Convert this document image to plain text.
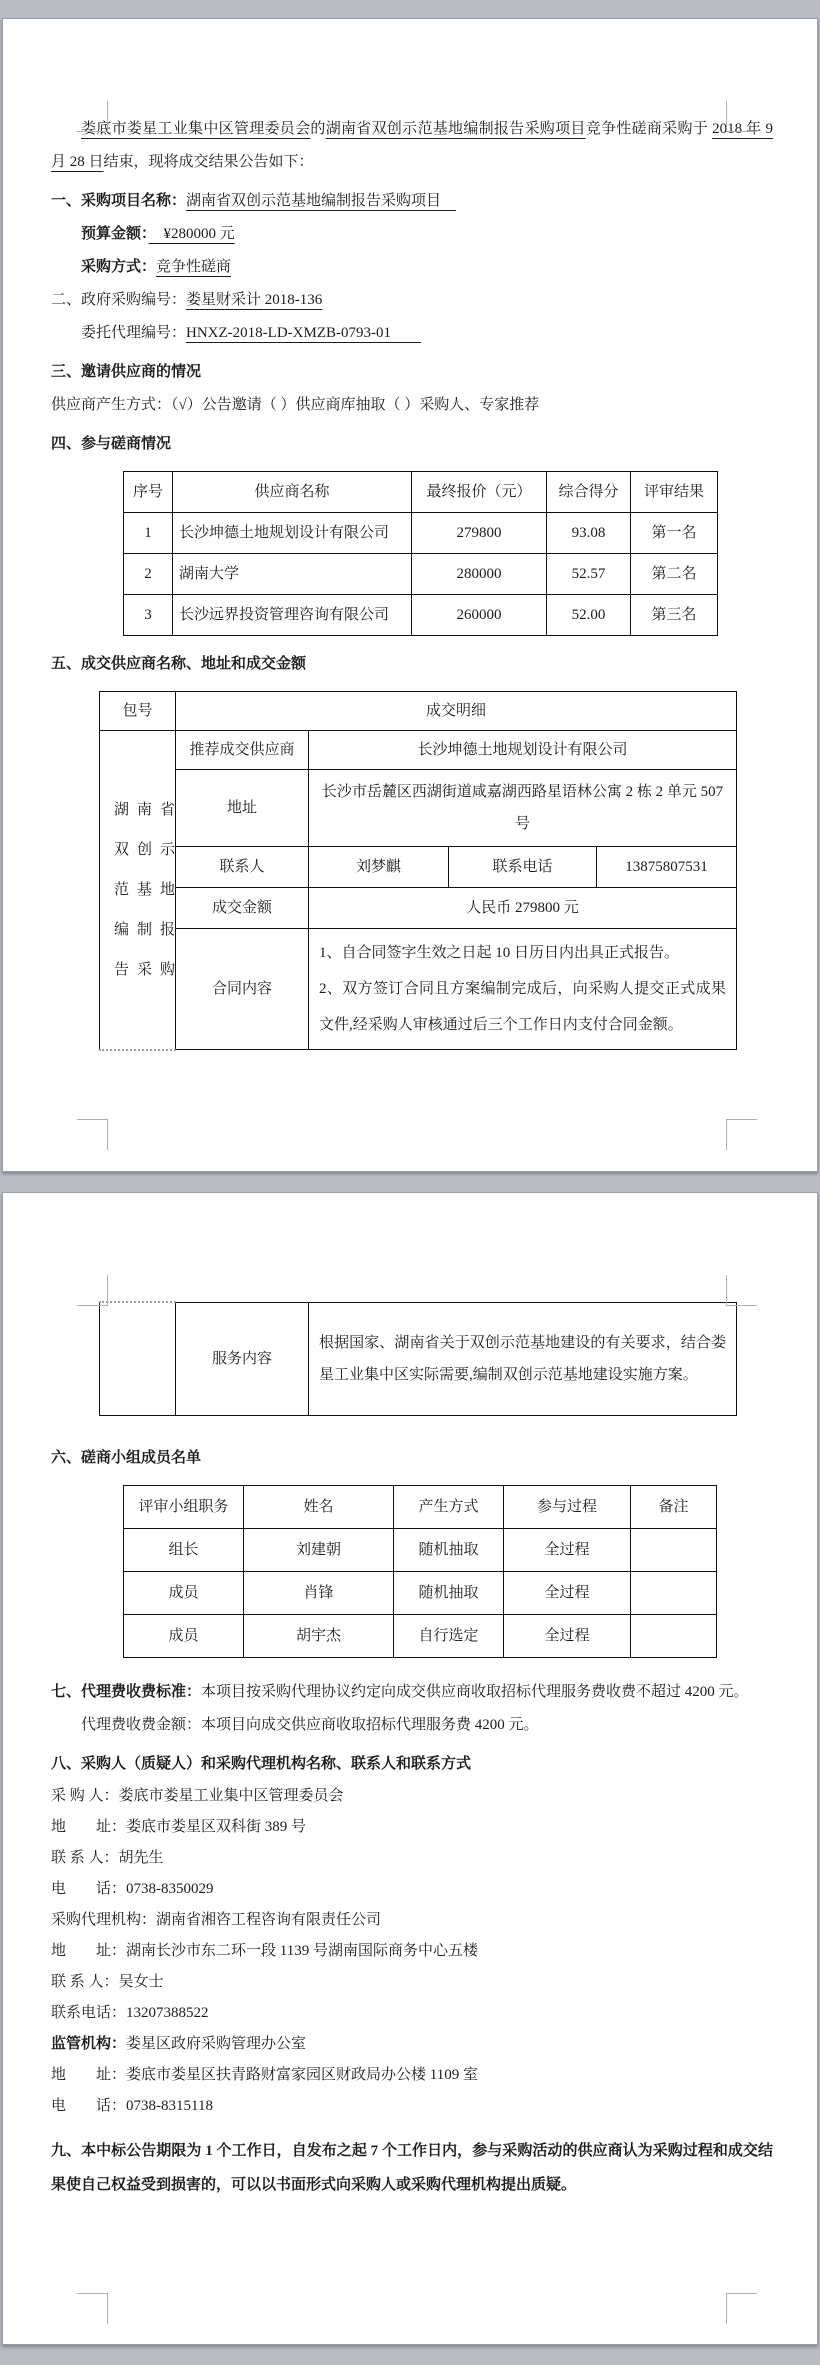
娄底市娄星工业集中区管理委员会的湖南省双创示范基地编制报告采购项目竞争性磋商采购于 2018 年 9 月 28 日结束，现将成交结果公告如下：

一、采购项目名称：湖南省双创示范基地编制报告采购项目　

预算金额：　¥280000 元

采购方式：竞争性磋商

二、政府采购编号：娄星财采计 2018-136

委托代理编号：HNXZ-2018-LD-XMZB-0793-01　　

三、邀请供应商的情况

供应商产生方式：（√）公告邀请（ ）供应商库抽取（ ）采购人、专家推荐

四、参与磋商情况

序号	供应商名称	最终报价（元）	综合得分	评审结果
1	长沙坤德土地规划设计有限公司	279800	93.08	第一名
2	湖南大学	280000	52.57	第二名
3	长沙远界投资管理咨询有限公司	260000	52.00	第三名

五、成交供应商名称、地址和成交金额

包号	成交明细			

湖南省
双创示
范基地
编制报
告采购	推荐成交供应商	长沙坤德土地规划设计有限公司		
	地址	长沙市岳麓区西湖街道咸嘉湖西路星语林公寓 2 栋 2 单元 507 号		
	联系人	刘梦麒	联系电话	13875807531
	成交金额	人民币 279800 元		
	合同内容	1、自合同签字生效之日起 10 日历日内出具正式报告。
2、双方签订合同且方案编制完成后，向采购人提交正式成果文件,经采购人审核通过后三个工作日内支付合同金额。		
	服务内容	根据国家、湖南省关于双创示范基地建设的有关要求，结合娄星工业集中区实际需要,编制双创示范基地建设实施方案。

六、磋商小组成员名单

评审小组职务	姓名	产生方式	参与过程	备注
组长	刘建朝	随机抽取	全过程	
成员	肖锋	随机抽取	全过程	
成员	胡宇杰	自行选定	全过程	

七、代理费收费标准：本项目按采购代理协议约定向成交供应商收取招标代理服务费收费不超过 4200 元。

代理费收费金额：本项目向成交供应商收取招标代理服务费 4200 元。

八、采购人（质疑人）和采购代理机构名称、联系人和联系方式

采 购 人：娄底市娄星工业集中区管理委员会

地　　址：娄底市娄星区双科街 389 号

联 系 人：胡先生

电　　话：0738-8350029

采购代理机构：湖南省湘咨工程咨询有限责任公司

地　　址：湖南长沙市东二环一段 1139 号湖南国际商务中心五楼

联 系 人：吴女士

联系电话：13207388522

监管机构：娄星区政府采购管理办公室

地　　址：娄底市娄星区扶青路财富家园区财政局办公楼 1109 室

电　　话：0738-8315118

九、本中标公告期限为 1 个工作日，自发布之起 7 个工作日内，参与采购活动的供应商认为采购过程和成交结果使自己权益受到损害的，可以以书面形式向采购人或采购代理机构提出质疑。
